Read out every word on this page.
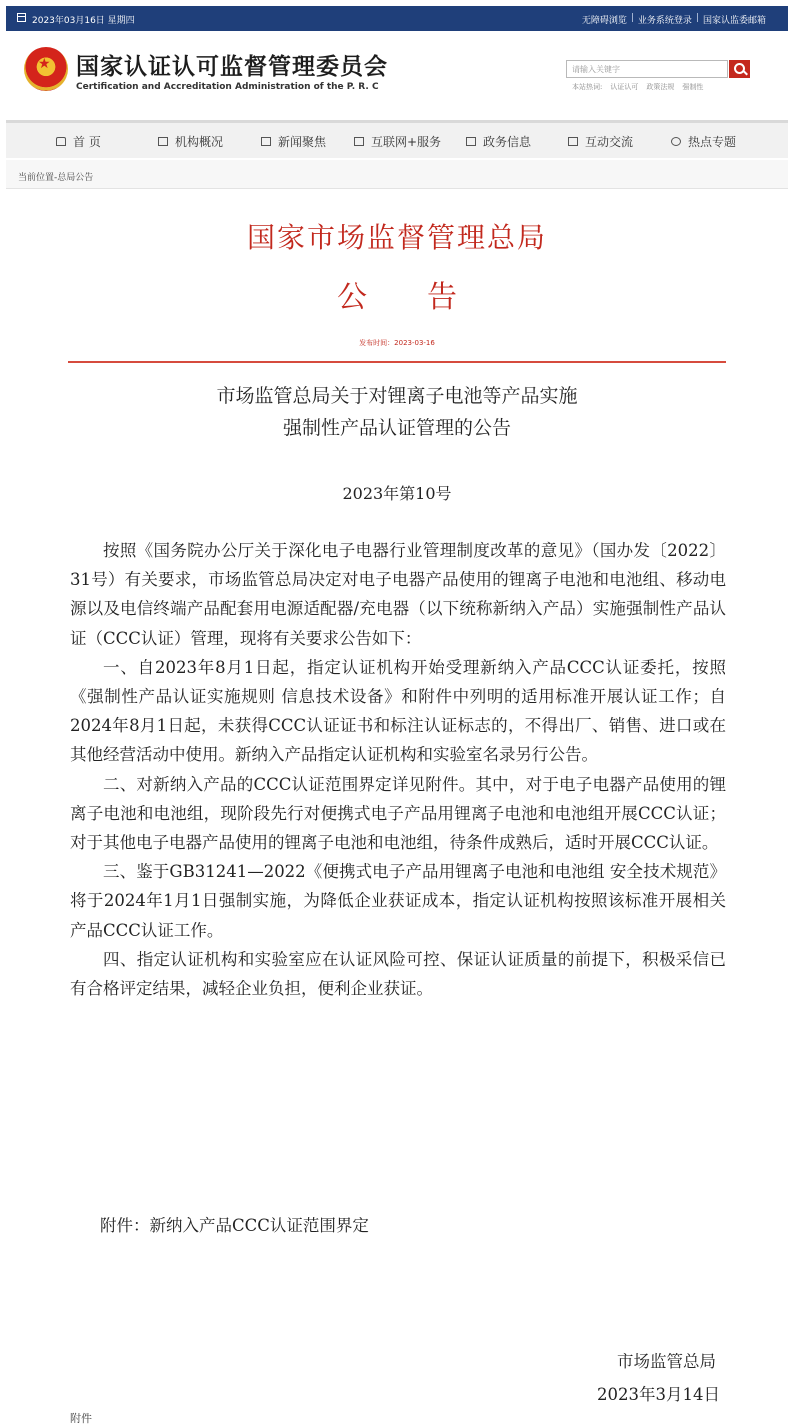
2023年03月16日 星期四	无障碍浏览 | 业务系统登录 | 国家认监委邮箱
★
国家认证认可监督管理委员会
Certification and Accreditation Administration of the P. R. C
请输入关键字
本站热词: 认证认可 政策法规 强制性
首 页	机构概况	新闻聚焦	互联网+服务	政务信息	互动交流	热点专题
当前位置-总局公告
国家市场监督管理总局
公　　告
发布时间：2023-03-16
市场监管总局关于对锂离子电池等产品实施
强制性产品认证管理的公告
2023年第10号

按照《国务院办公厅关于深化电子电器行业管理制度改革的意见》（国办发〔2022〕31号）有关要求，市场监管总局决定对电子电器产品使用的锂离子电池和电池组、移动电源以及电信终端产品配套用电源适配器/充电器（以下统称新纳入产品）实施强制性产品认证（CCC认证）管理，现将有关要求公告如下：

一、自2023年8月1日起，指定认证机构开始受理新纳入产品CCC认证委托，按照《强制性产品认证实施规则 信息技术设备》和附件中列明的适用标准开展认证工作；自2024年8月1日起，未获得CCC认证证书和标注认证标志的，不得出厂、销售、进口或在其他经营活动中使用。新纳入产品指定认证机构和实验室名录另行公告。

二、对新纳入产品的CCC认证范围界定详见附件。其中，对于电子电器产品使用的锂离子电池和电池组，现阶段先行对便携式电子产品用锂离子电池和电池组开展CCC认证；对于其他电子电器产品使用的锂离子电池和电池组，待条件成熟后，适时开展CCC认证。

三、鉴于GB31241—2022《便携式电子产品用锂离子电池和电池组 安全技术规范》将于2024年1月1日强制实施，为降低企业获证成本，指定认证机构按照该标准开展相关产品CCC认证工作。

四、指定认证机构和实验室应在认证风险可控、保证认证质量的前提下，积极采信已有合格评定结果，减轻企业负担，便利企业获证。

附件：新纳入产品CCC认证范围界定
市场监管总局
2023年3月14日
附件
